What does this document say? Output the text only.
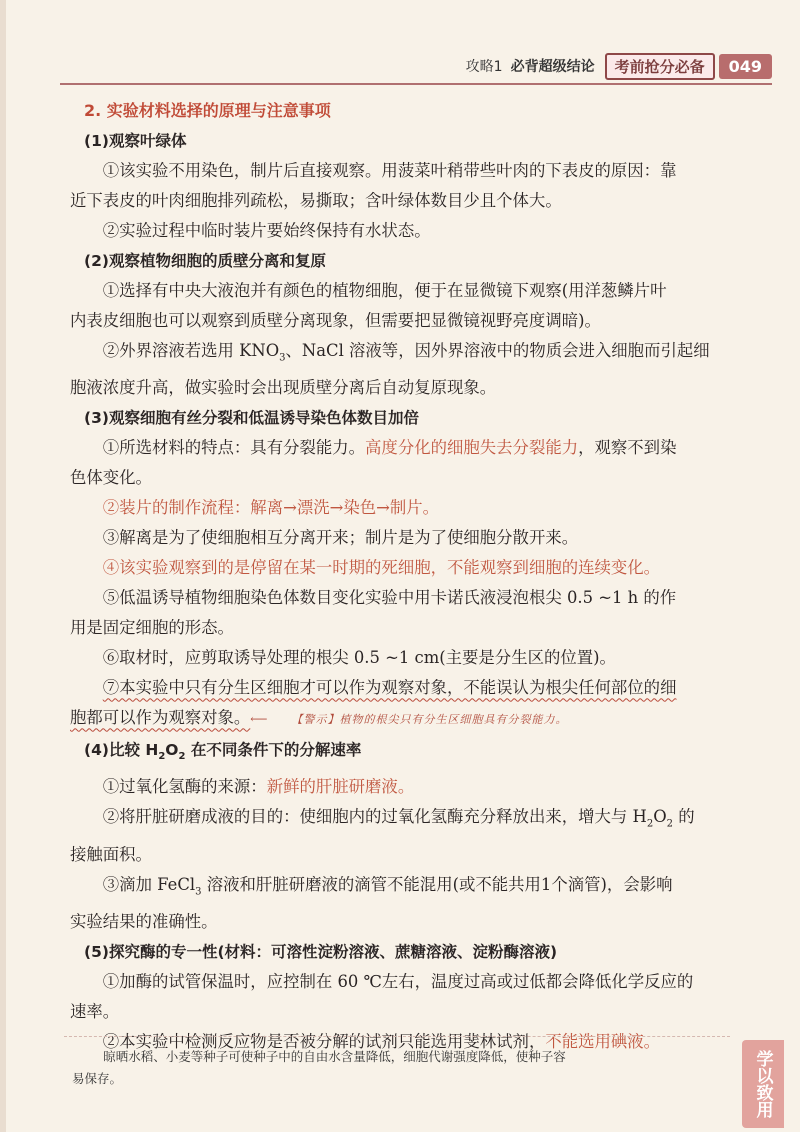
攻略1 必背超级结论	考前抢分必备	049
2. 实验材料选择的原理与注意事项
(1)观察叶绿体
①该实验不用染色，制片后直接观察。用菠菜叶稍带些叶肉的下表皮的原因：靠
近下表皮的叶肉细胞排列疏松，易撕取；含叶绿体数目少且个体大。
②实验过程中临时装片要始终保持有水状态。
(2)观察植物细胞的质壁分离和复原
①选择有中央大液泡并有颜色的植物细胞，便于在显微镜下观察(用洋葱鳞片叶
内表皮细胞也可以观察到质壁分离现象，但需要把显微镜视野亮度调暗)。
②外界溶液若选用 $KNO_3$、NaCl 溶液等，因外界溶液中的物质会进入细胞而引起细
胞液浓度升高，做实验时会出现质壁分离后自动复原现象。
(3)观察细胞有丝分裂和低温诱导染色体数目加倍
①所选材料的特点：具有分裂能力。高度分化的细胞失去分裂能力，观察不到染
色体变化。
②装片的制作流程：解离→漂洗→染色→制片。
③解离是为了使细胞相互分离开来；制片是为了使细胞分散开来。
④该实验观察到的是停留在某一时期的死细胞，不能观察到细胞的连续变化。
⑤低温诱导植物细胞染色体数目变化实验中用卡诺氏液浸泡根尖 0.5 ~1 h 的作
用是固定细胞的形态。
⑥取材时，应剪取诱导处理的根尖 0.5 ~1 cm(主要是分生区的位置)。
⑦本实验中只有分生区细胞才可以作为观察对象，不能误认为根尖任何部位的细
胞都可以作为观察对象。⟵ 【警示】植物的根尖只有分生区细胞具有分裂能力。
(4)比较 $H_2O_2$ 在不同条件下的分解速率
①过氧化氢酶的来源：新鲜的肝脏研磨液。
②将肝脏研磨成液的目的：使细胞内的过氧化氢酶充分释放出来，增大与 $H_2O_2$ 的
接触面积。
③滴加 FeCl$_3$ 溶液和肝脏研磨液的滴管不能混用(或不能共用1个滴管)，会影响
实验结果的准确性。
(5)探究酶的专一性(材料：可溶性淀粉溶液、蔗糖溶液、淀粉酶溶液)
①加酶的试管保温时，应控制在 60 ℃左右，温度过高或过低都会降低化学反应的
速率。
②本实验中检测反应物是否被分解的试剂只能选用斐林试剂，不能选用碘液。
晾晒水稻、小麦等种子可使种子中的自由水含量降低，细胞代谢强度降低，使种子容
易保存。	学以致用
